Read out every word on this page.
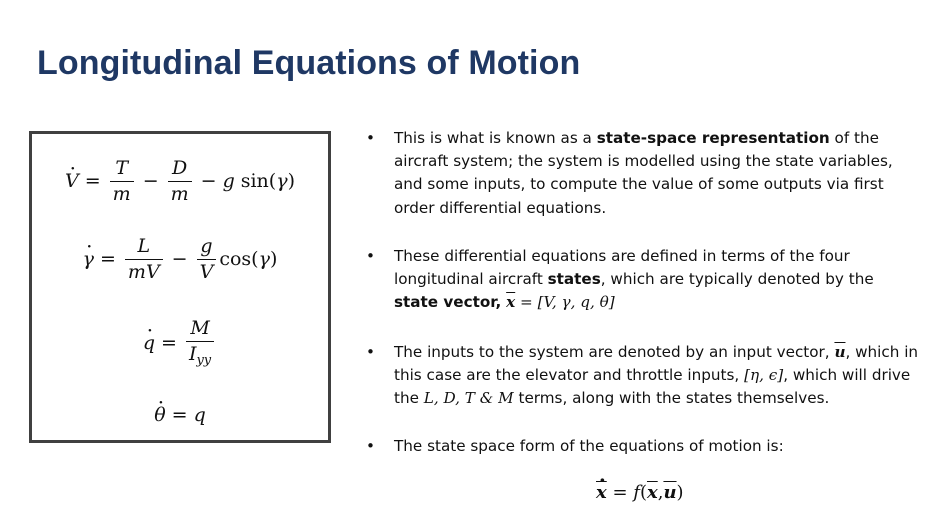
Longitudinal Equations of Motion
· $V = \frac{T}{m} - \frac{D}{m} - g$ sin( γ )
· $\gamma = \frac{L}{mV} - \frac{g}{V} \cos$( γ )
· $q = \frac{M}{I_{yy}}$
· θ = q
•	This is what is known as a state-space representation of the aircraft system; the system is modelled using the state variables, and some inputs, to compute the value of some outputs via first order differential equations.
•	These differential equations are defined in terms of the four longitudinal aircraft states, which are typically denoted by the state vector, $\overline{x} = [V$, γ, q, θ]
•	The inputs to the system are denoted by an input vector, $\overline{u}$, which in this case are the elevator and throttle inputs, [η, ϵ], which will drive the L, D, T & M terms, along with the states themselves.
•	The state space form of the equations of motion is:
· $\overline{x} = f(\overline{x},\overline{u})$
